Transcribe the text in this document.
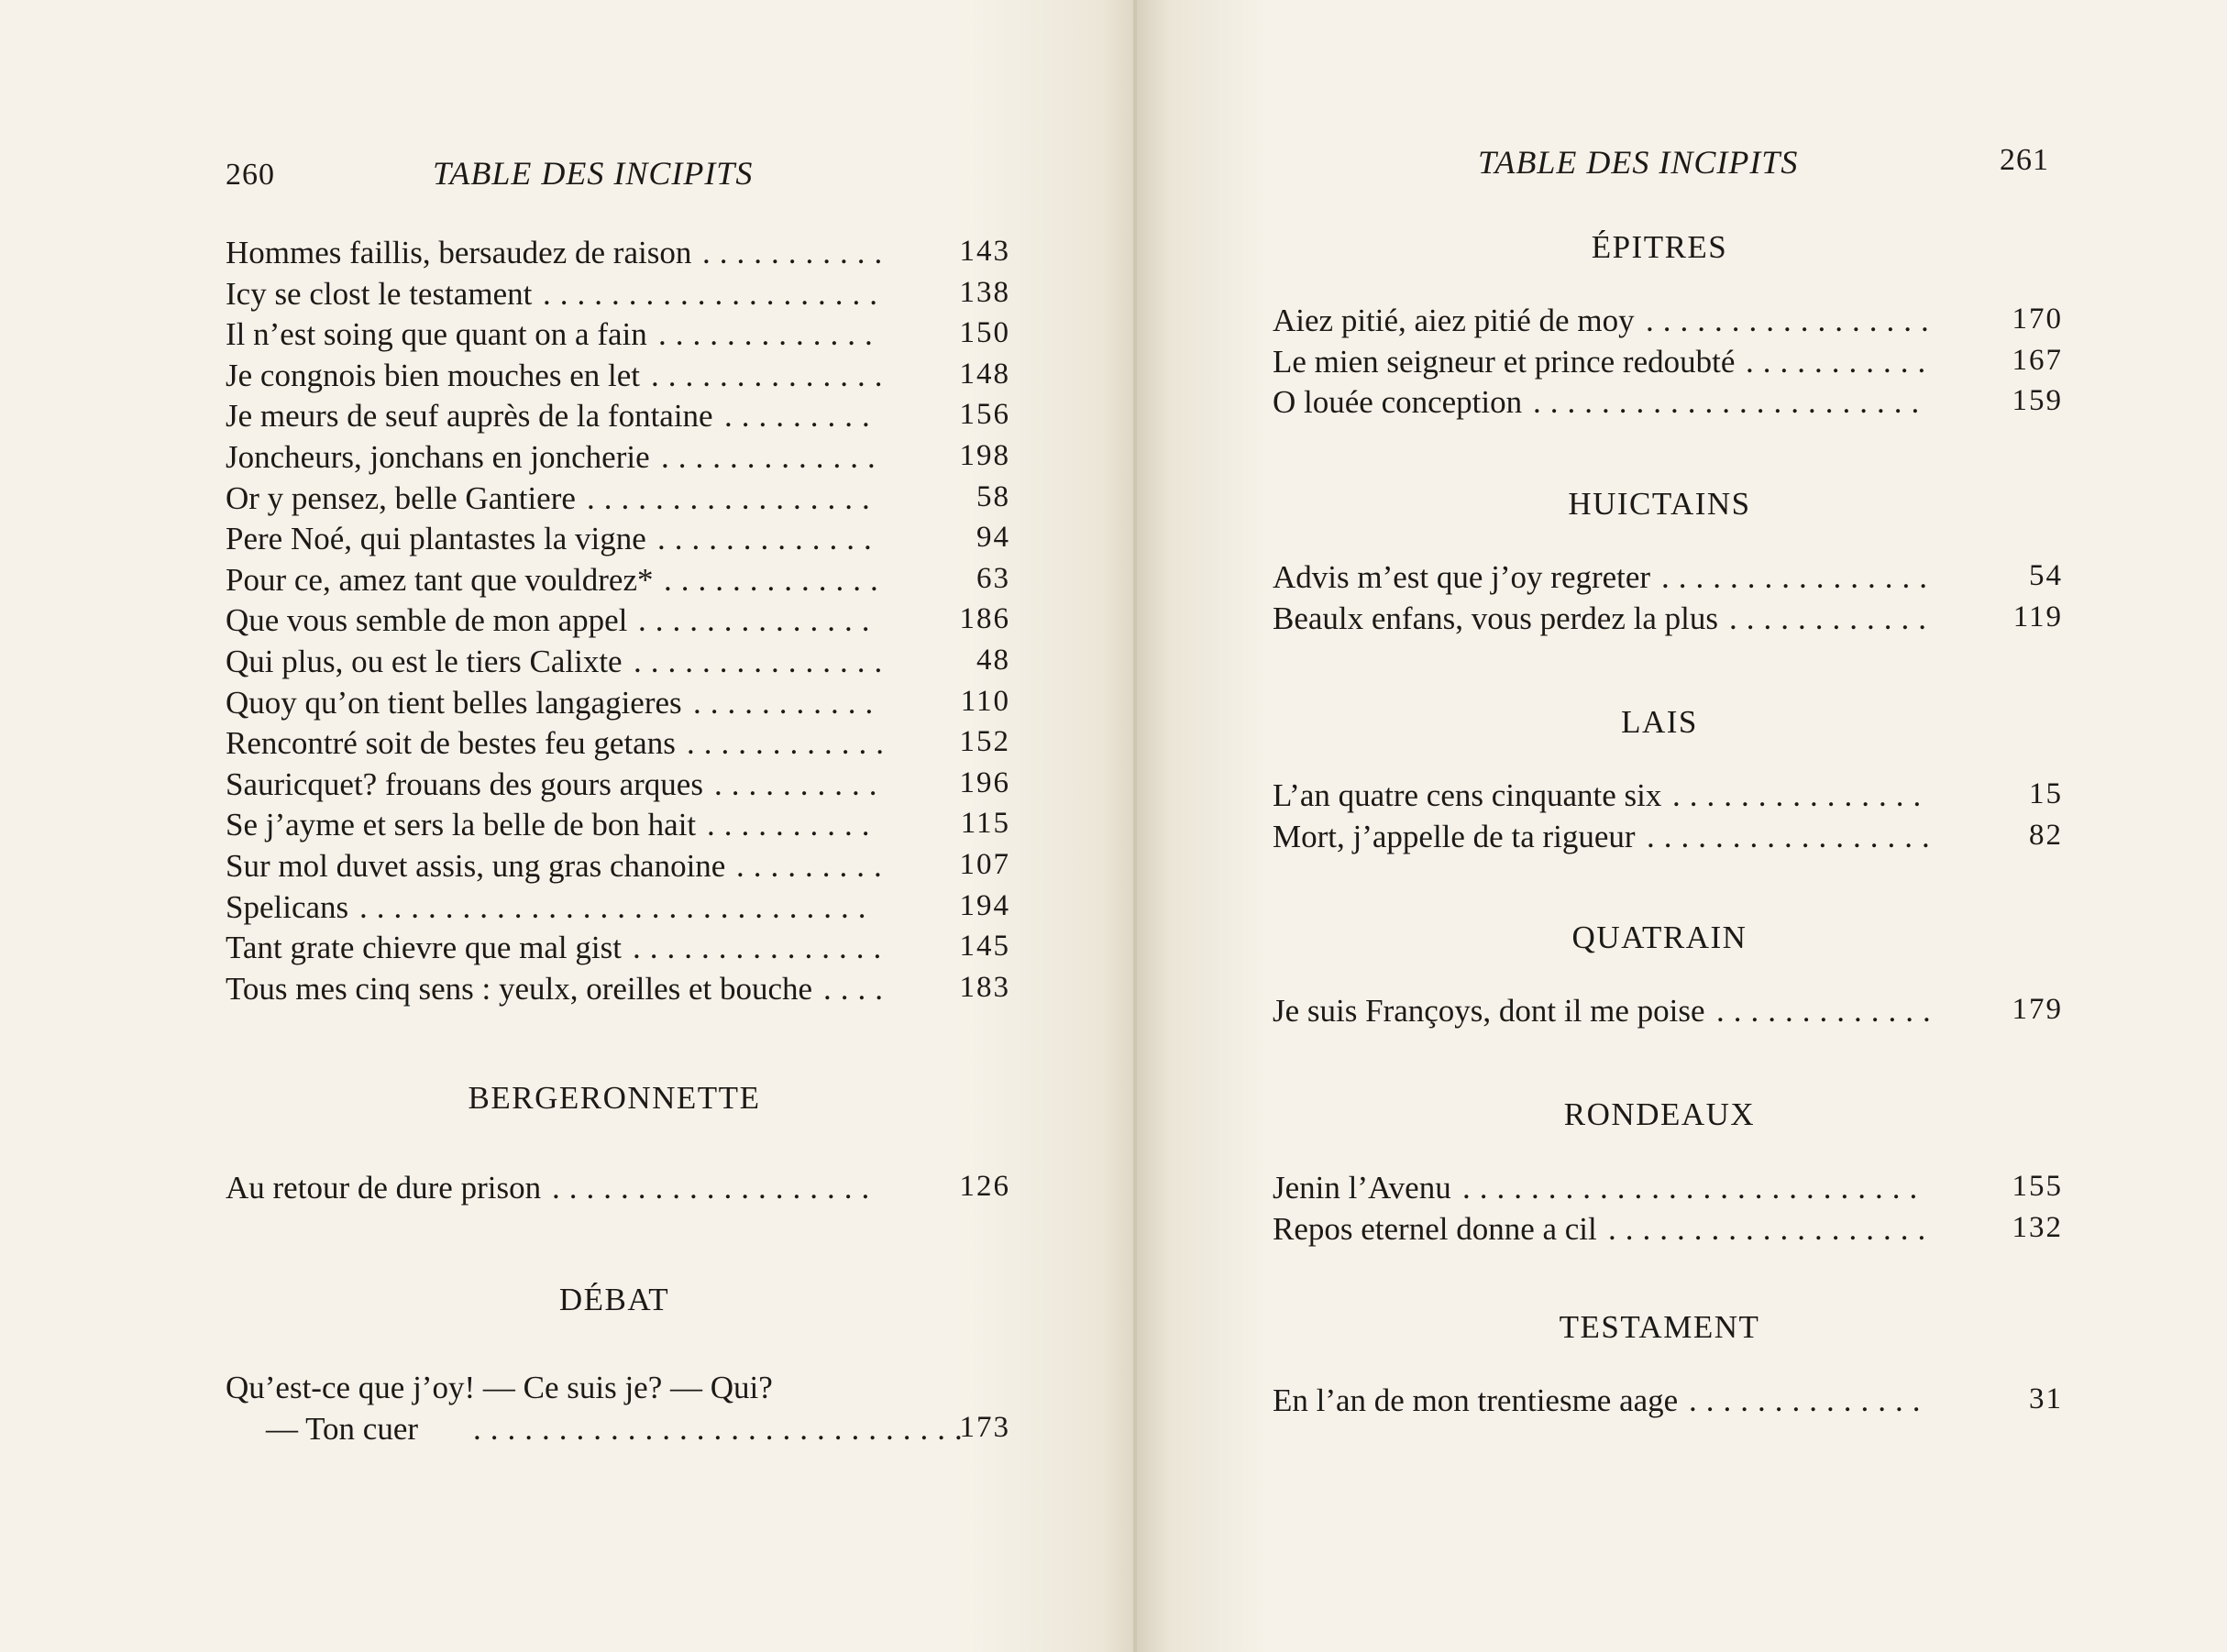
260	TABLE DES INCIPITS
Hommes faillis, bersaudez de raison	143
...........
Icy se clost le testament	138
....................
Il n’est soing que quant on a fain	150
.............
Je congnois bien mouches en let	148
..............
Je meurs de seuf auprès de la fontaine	156
.........
Joncheurs, jonchans en joncherie	198
.............
Or y pensez, belle Gantiere	58
.................
Pere Noé, qui plantastes la vigne	94
.............
Pour ce, amez tant que vouldrez*	63
.............
Que vous semble de mon appel	186
..............
Qui plus, ou est le tiers Calixte	48
...............
Quoy qu’on tient belles langagieres	110
...........
Rencontré soit de bestes feu getans	152
............
Sauricquet? frouans des gours arques	196
..........
Se j’ayme et sers la belle de bon hait	115
..........
Sur mol duvet assis, ung gras chanoine	107
.........
Spelicans	194
..............................
Tant grate chievre que mal gist	145
...............
Tous mes cinq sens : yeulx, oreilles et bouche	183
....
BERGERONNETTE
Au retour de dure prison	126
...................
DÉBAT
Qu’est-ce que j’oy! — Ce suis je? — Qui?
— Ton cuer .............................
173
TABLE DES INCIPITS	261
ÉPITRES
Aiez pitié, aiez pitié de moy	170
.................
Le mien seigneur et prince redoubté	167
...........
O louée conception	159
.......................
HUICTAINS
Advis m’est que j’oy regreter	54
................
Beaulx enfans, vous perdez la plus	119
............
LAIS
L’an quatre cens cinquante six	15
...............
Mort, j’appelle de ta rigueur	82
.................
QUATRAIN
Je suis Françoys, dont il me poise	179
.............
RONDEAUX
Jenin l’Avenu	155
...........................
Repos eternel donne a cil	132
...................
TESTAMENT
En l’an de mon trentiesme aage	31
..............
